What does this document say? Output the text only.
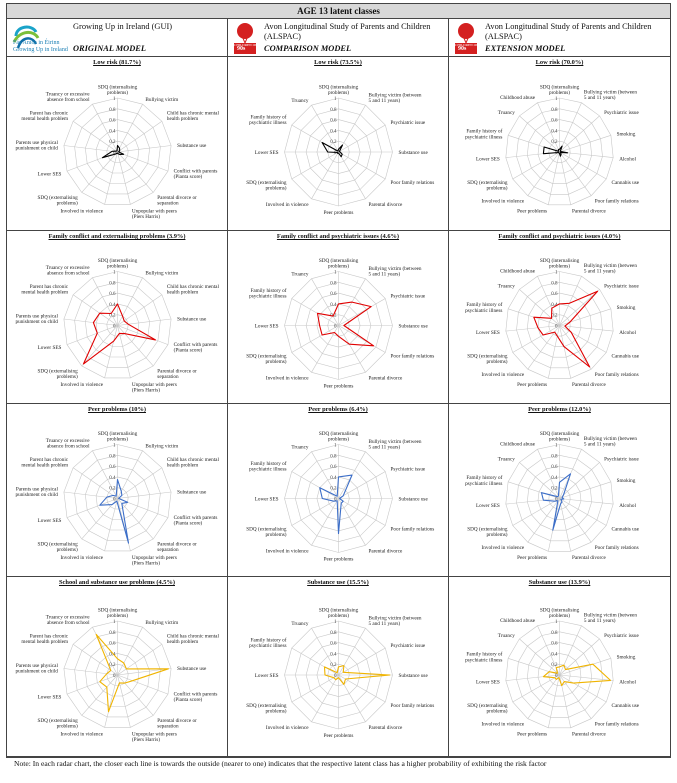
AGE 13 latent classes
Fás Aníos in Éirinn
Growing Up in Ireland
Growing Up in Ireland (GUI)
ORIGINAL MODEL	CHILDREN OF THE
90s
Avon Longitudinal Study of Parents and Children (ALSPAC)
COMPARISON MODEL	CHILDREN OF THE
90s
Avon Longitudinal Study of Parents and Children (ALSPAC)
EXTENSION MODEL
Low risk (81.7%)
0
0.2
0.4
0.6
0.8
1
SDQ (internalising problems)
Bullying victim
Child has chronic mental health problem
Substance use
Conflict with parents (Pianta score)
Parental divorce or separation
Unpopular with peers (Piers Harris)
Involved in violence
SDQ (externalising problems)
Lower SES
Parents use physical punishment on child
Parent has chronic mental health problem
Truancy or excessive absence from school
Low risk (73.5%)
0
0.2
0.4
0.6
0.8
1
SDQ (internalising problems)	Bullying victim (between 5 and 11 years)
Psychiatric issue
Substance use
Poor family relations
Parental divorce
Peer problems
Involved in violence
SDQ (externalising problems)
Lower SES
Family history of psychiatric illness
Truancy
Low risk (70.0%)
0
0.2
0.4
0.6
0.8
1
SDQ (internalising problems)	Bullying victim (between 5 and 11 years)
Psychiatric issue
Smoking
Alcohol
Cannabis use
Poor family relations
Parental divorce
Peer problems
Involved in violence
SDQ (externalising problems)
Lower SES
Family history of psychiatric illness
Truancy
Childhood abuse
Family conflict and externalising problems (3.9%)
0
0.2
0.4
0.6
0.8
1
SDQ (internalising problems)
Bullying victim
Child has chronic mental health problem
Substance use
Conflict with parents (Pianta score)
Parental divorce or separation
Unpopular with peers (Piers Harris)
Involved in violence
SDQ (externalising problems)
Lower SES
Parents use physical punishment on child
Parent has chronic mental health problem
Truancy or excessive absence from school
Family conflict and psychiatric issues (4.6%)
0
0.2
0.4
0.6
0.8
1
SDQ (internalising problems)	Bullying victim (between 5 and 11 years)
Psychiatric issue
Substance use
Poor family relations
Parental divorce
Peer problems
Involved in violence
SDQ (externalising problems)
Lower SES
Family history of psychiatric illness
Truancy
Family conflict and psychiatric issues (4.0%)
0
0.2
0.4
0.6
0.8
1
SDQ (internalising problems)	Bullying victim (between 5 and 11 years)
Psychiatric issue
Smoking
Alcohol
Cannabis use
Poor family relations
Parental divorce
Peer problems
Involved in violence
SDQ (externalising problems)
Lower SES
Family history of psychiatric illness
Truancy
Childhood abuse
Peer problems (10%)
0
0.2
0.4
0.6
0.8
1
SDQ (internalising problems)
Bullying victim
Child has chronic mental health problem
Substance use
Conflict with parents (Pianta score)
Parental divorce or separation
Unpopular with peers (Piers Harris)
Involved in violence
SDQ (externalising problems)
Lower SES
Parents use physical punishment on child
Parent has chronic mental health problem
Truancy or excessive absence from school
Peer problems (6.4%)
0
0.2
0.4
0.6
0.8
1
SDQ (internalising problems)	Bullying victim (between 5 and 11 years)
Psychiatric issue
Substance use
Poor family relations
Parental divorce
Peer problems
Involved in violence
SDQ (externalising problems)
Lower SES
Family history of psychiatric illness
Truancy
Peer problems (12.0%)
0
0.2
0.4
0.6
0.8
1
SDQ (internalising problems)	Bullying victim (between 5 and 11 years)
Psychiatric issue
Smoking
Alcohol
Cannabis use
Poor family relations
Parental divorce
Peer problems
Involved in violence
SDQ (externalising problems)
Lower SES
Family history of psychiatric illness
Truancy
Childhood abuse
School and substance use problems (4.5%)
0
0.2
0.4
0.6
0.8
1
SDQ (internalising problems)
Bullying victim
Child has chronic mental health problem
Substance use
Conflict with parents (Pianta score)
Parental divorce or separation
Unpopular with peers (Piers Harris)
Involved in violence
SDQ (externalising problems)
Lower SES
Parents use physical punishment on child
Parent has chronic mental health problem
Truancy or excessive absence from school
Substance use (15.5%)
0
0.2
0.4
0.6
0.8
1
SDQ (internalising problems)	Bullying victim (between 5 and 11 years)
Psychiatric issue
Substance use
Poor family relations
Parental divorce
Peer problems
Involved in violence
SDQ (externalising problems)
Lower SES
Family history of psychiatric illness
Truancy
Substance use (13.9%)
0
0.2
0.4
0.6
0.8
1
SDQ (internalising problems)	Bullying victim (between 5 and 11 years)
Psychiatric issue
Smoking
Alcohol
Cannabis use
Poor family relations
Parental divorce
Peer problems
Involved in violence
SDQ (externalising problems)
Lower SES
Family history of psychiatric illness
Truancy
Childhood abuse
Note: In each radar chart, the closer each line is towards the outside (nearer to one) indicates that the respective latent class has a higher probability of exhibiting the risk factor
